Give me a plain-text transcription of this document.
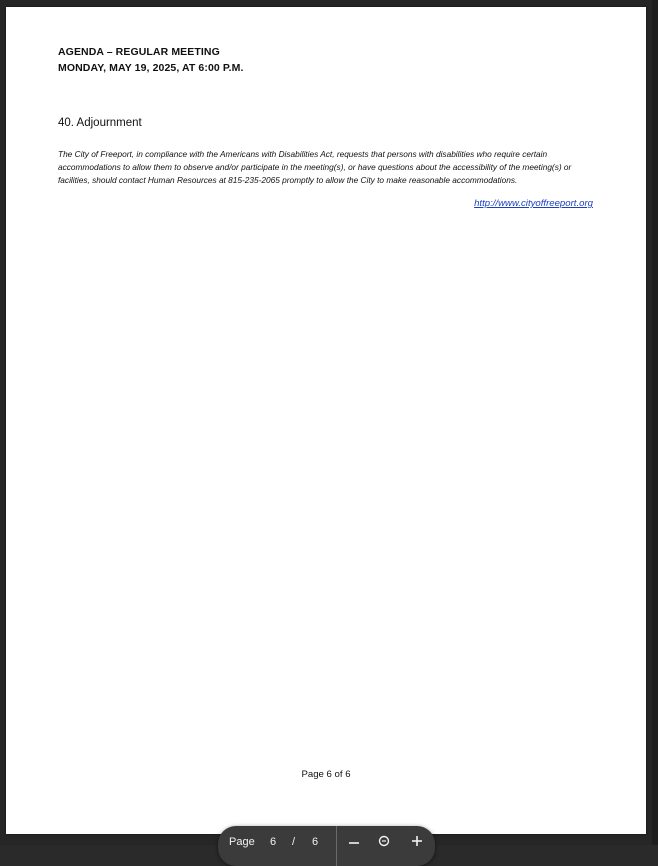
AGENDA – REGULAR MEETING
MONDAY, MAY 19, 2025, AT 6:00 P.M.
40. Adjournment
The City of Freeport, in compliance with the Americans with Disabilities Act, requests that persons with disabilities who require certain accommodations to allow them to observe and/or participate in the meeting(s), or have questions about the accessibility of the meeting(s) or facilities, should contact Human Resources at 815-235-2065 promptly to allow the City to make reasonable accommodations.
http://www.cityoffreeport.org
Page 6 of 6
Page 6 / 6
